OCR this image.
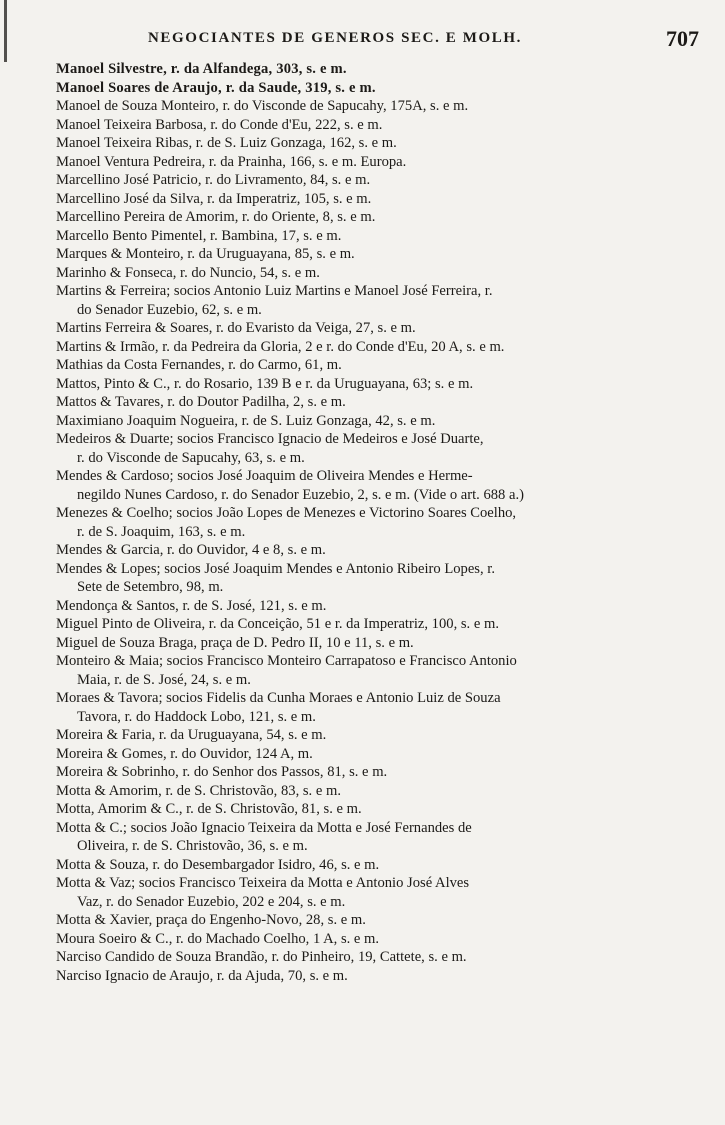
NEGOCIANTES DE GENEROS SEC. E MOLH.	707
Manoel Silvestre, r. da Alfandega, 303, s. e m.
Manoel Soares de Araujo, r. da Saude, 319, s. e m.
Manoel de Souza Monteiro, r. do Visconde de Sapucahy, 175A, s. e m.
Manoel Teixeira Barbosa, r. do Conde d'Eu, 222, s. e m.
Manoel Teixeira Ribas, r. de S. Luiz Gonzaga, 162, s. e m.
Manoel Ventura Pedreira, r. da Prainha, 166, s. e m. Europa.
Marcellino José Patricio, r. do Livramento, 84, s. e m.
Marcellino José da Silva, r. da Imperatriz, 105, s. e m.
Marcellino Pereira de Amorim, r. do Oriente, 8, s. e m.
Marcello Bento Pimentel, r. Bambina, 17, s. e m.
Marques & Monteiro, r. da Uruguayana, 85, s. e m.
Marinho & Fonseca, r. do Nuncio, 54, s. e m.
Martins & Ferreira; socios Antonio Luiz Martins e Manoel José Ferreira, r.
do Senador Euzebio, 62, s. e m.
Martins Ferreira & Soares, r. do Evaristo da Veiga, 27, s. e m.
Martins & Irmão, r. da Pedreira da Gloria, 2 e r. do Conde d'Eu, 20 A, s. e m.
Mathias da Costa Fernandes, r. do Carmo, 61, m.
Mattos, Pinto & C., r. do Rosario, 139 B e r. da Uruguayana, 63; s. e m.
Mattos & Tavares, r. do Doutor Padilha, 2, s. e m.
Maximiano Joaquim Nogueira, r. de S. Luiz Gonzaga, 42, s. e m.
Medeiros & Duarte; socios Francisco Ignacio de Medeiros e José Duarte,
r. do Visconde de Sapucahy, 63, s. e m.
Mendes & Cardoso; socios José Joaquim de Oliveira Mendes e Herme-
negildo Nunes Cardoso, r. do Senador Euzebio, 2, s. e m. (Vide o art. 688 a.)
Menezes & Coelho; socios João Lopes de Menezes e Victorino Soares Coelho,
r. de S. Joaquim, 163, s. e m.
Mendes & Garcia, r. do Ouvidor, 4 e 8, s. e m.
Mendes & Lopes; socios José Joaquim Mendes e Antonio Ribeiro Lopes, r.
Sete de Setembro, 98, m.
Mendonça & Santos, r. de S. José, 121, s. e m.
Miguel Pinto de Oliveira, r. da Conceição, 51 e r. da Imperatriz, 100, s. e m.
Miguel de Souza Braga, praça de D. Pedro II, 10 e 11, s. e m.
Monteiro & Maia; socios Francisco Monteiro Carrapatoso e Francisco Antonio
Maia, r. de S. José, 24, s. e m.
Moraes & Tavora; socios Fidelis da Cunha Moraes e Antonio Luiz de Souza
Tavora, r. do Haddock Lobo, 121, s. e m.
Moreira & Faria, r. da Uruguayana, 54, s. e m.
Moreira & Gomes, r. do Ouvidor, 124 A, m.
Moreira & Sobrinho, r. do Senhor dos Passos, 81, s. e m.
Motta & Amorim, r. de S. Christovão, 83, s. e m.
Motta, Amorim & C., r. de S. Christovão, 81, s. e m.
Motta & C.; socios João Ignacio Teixeira da Motta e José Fernandes de
Oliveira, r. de S. Christovão, 36, s. e m.
Motta & Souza, r. do Desembargador Isidro, 46, s. e m.
Motta & Vaz; socios Francisco Teixeira da Motta e Antonio José Alves
Vaz, r. do Senador Euzebio, 202 e 204, s. e m.
Motta & Xavier, praça do Engenho-Novo, 28, s. e m.
Moura Soeiro & C., r. do Machado Coelho, 1 A, s. e m.
Narciso Candido de Souza Brandão, r. do Pinheiro, 19, Cattete, s. e m.
Narciso Ignacio de Araujo, r. da Ajuda, 70, s. e m.
